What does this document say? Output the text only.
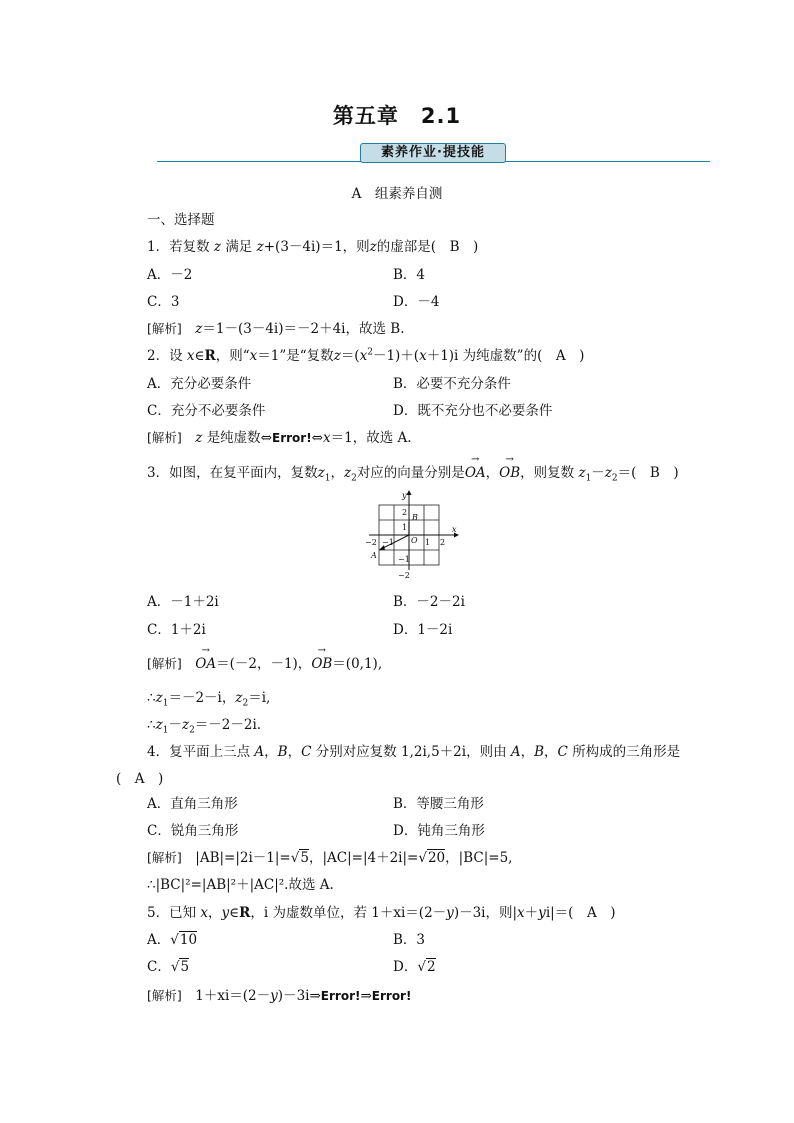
第五章　2.1
素养作业·提技能
A　组素养自测
一、选择题
1．若复数 z 满足 z+(3－4i)＝1，则z的虚部是(　B　)
A．－2	B．4
C．3	D．－4
[解析]　 z＝1－(3－4i)＝－2＋4i，故选 B.
2．设 x∈R，则“x＝1”是“复数$z=(x^2-1)+(x+1)i$ 为纯虚数”的(　A　)
A．充分必要条件	B．必要不充分条件
C．充分不必要条件	D．既不充分也不必要条件
[解析]　 z 是纯虚数⇔Error!⇔x＝1，故选 A.
3．如图，在复平面内，复数$z_1$，$z_2$对应的向量分别是→ OA，→ OB，则复数 $z_1-z_2=$(　B　)
x
y
O
A
B
−2 −1	1 2
2
1
−1
−2
A．－1＋2i	B．－2－2i
C．1＋2i	D．1－2i
[解析]　→ OA＝(－2，－1)，→ OB＝(0,1),
$\therefore z_1=-2-i$，$z_2=i$,
$\therefore z_1-z_2=-2-2i$.
4．复平面上三点 A，B，C 分别对应复数 1,2i,5＋2i，则由 A，B，C 所构成的三角形是
(　A　)
A．直角三角形	B．等腰三角形
C．锐角三角形	D．钝角三角形
[解析]　 |AB|=|2i－1|=√5，|AC|=|4＋2i|=√20，|BC|=5,
∴|BC|²=|AB|²＋|AC|².故选 A.
5．已知 x，y∈R，i 为虚数单位，若 1＋xi＝(2－y)－3i，则|x＋yi|＝(　A　)
A．√10	B．3
C．√5	D．√2
[解析]　 1＋xi＝(2－y)－3i⇒Error!⇒Error!
